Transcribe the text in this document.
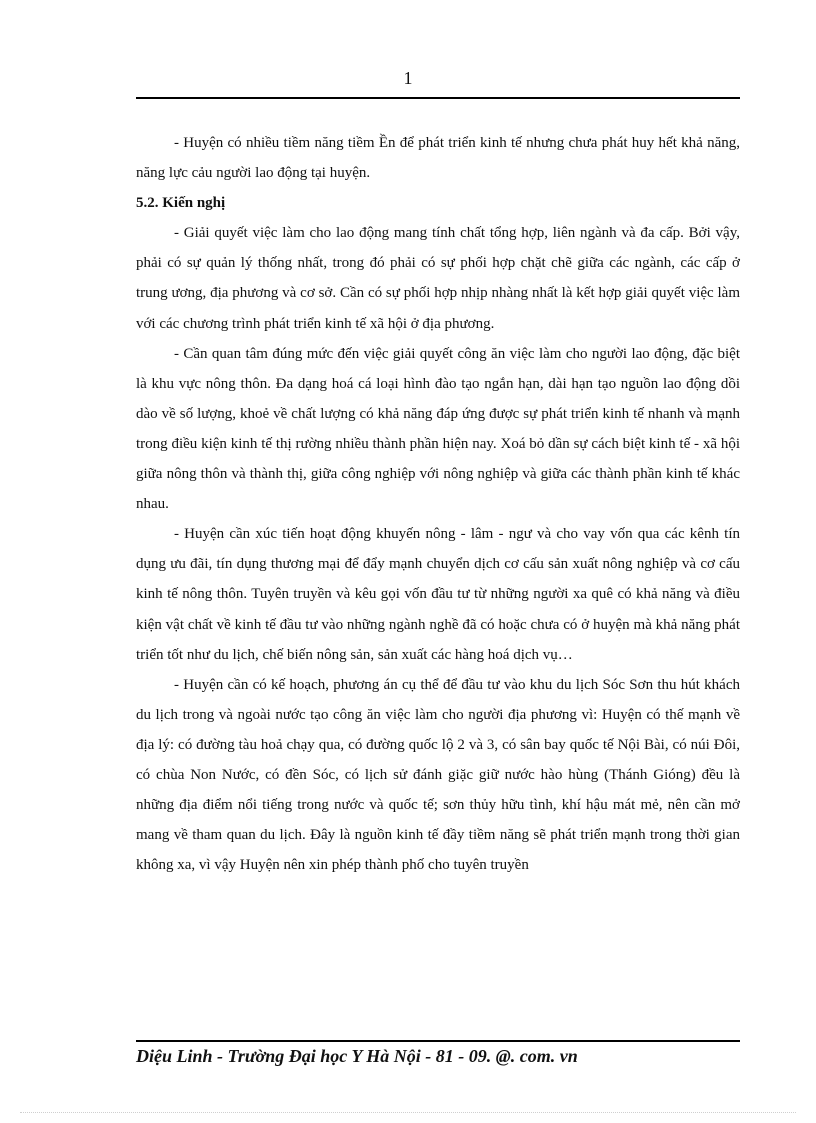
1

- Huyện có nhiều tiềm năng tiềm Ền để phát triển kinh tế nhưng chưa phát huy hết khả năng, năng lực cảu người lao động tại huyện.

5.2. Kiến nghị

- Giải quyết việc làm cho lao động mang tính chất tổng hợp, liên ngành và đa cấp. Bởi vậy, phải có sự quản lý thống nhất, trong đó phải có sự phối hợp chặt chẽ giữa các ngành, các cấp ở trung ương, địa phương và cơ sở. Cần có sự phối hợp nhịp nhàng nhất là kết hợp giải quyết việc làm với các chương trình phát triển kinh tế xã hội ở địa phương.

- Cần quan tâm đúng mức đến việc giải quyết công ăn việc làm cho người lao động, đặc biệt là khu vực nông thôn. Đa dạng hoá cá loại hình đào tạo ngắn hạn, dài hạn tạo nguồn lao động dồi dào về số lượng, khoẻ về chất lượng có khả năng đáp ứng được sự phát triển kinh tế nhanh và mạnh trong điều kiện kinh tế thị rường nhiều thành phần hiện nay. Xoá bỏ dần sự cách biệt kinh tế - xã hội giữa nông thôn và thành thị, giữa công nghiệp với nông nghiệp và giữa các thành phần kinh tế khác nhau.

- Huyện cần xúc tiến hoạt động khuyến nông - lâm - ngư và cho vay vốn qua các kênh tín dụng ưu đãi, tín dụng thương mại để đẩy mạnh chuyển dịch cơ cấu sản xuất nông nghiệp và cơ cấu kinh tế nông thôn. Tuyên truyền và kêu gọi vốn đầu tư từ những người xa quê có khả năng và điều kiện vật chất về kinh tế đầu tư vào những ngành nghề đã có hoặc chưa có ở huyện mà khả năng phát triển tốt như du lịch, chế biến nông sản, sản xuất các hàng hoá dịch vụ…

- Huyện cần có kế hoạch, phương án cụ thể để đầu tư vào khu du lịch Sóc Sơn thu hút khách du lịch trong và ngoài nước tạo công ăn việc làm cho người địa phương vì: Huyện có thế mạnh về địa lý: có đường tàu hoả chạy qua, có đường quốc lộ 2 và 3, có sân bay quốc tế Nội Bài, có núi Đôi, có chùa Non Nước, có đền Sóc, có lịch sử đánh giặc giữ nước hào hùng (Thánh Gióng) đều là những địa điểm nổi tiếng trong nước và quốc tế; sơn thủy hữu tình, khí hậu mát mẻ, nên cần mở mang về tham quan du lịch. Đây là nguồn kinh tế đầy tiềm năng sẽ phát triển mạnh trong thời gian không xa, vì vậy Huyện nên xin phép thành phố cho tuyên truyền

Diệu Linh - Trường Đại học Y Hà Nội - 81 - 09. @. com. vn
